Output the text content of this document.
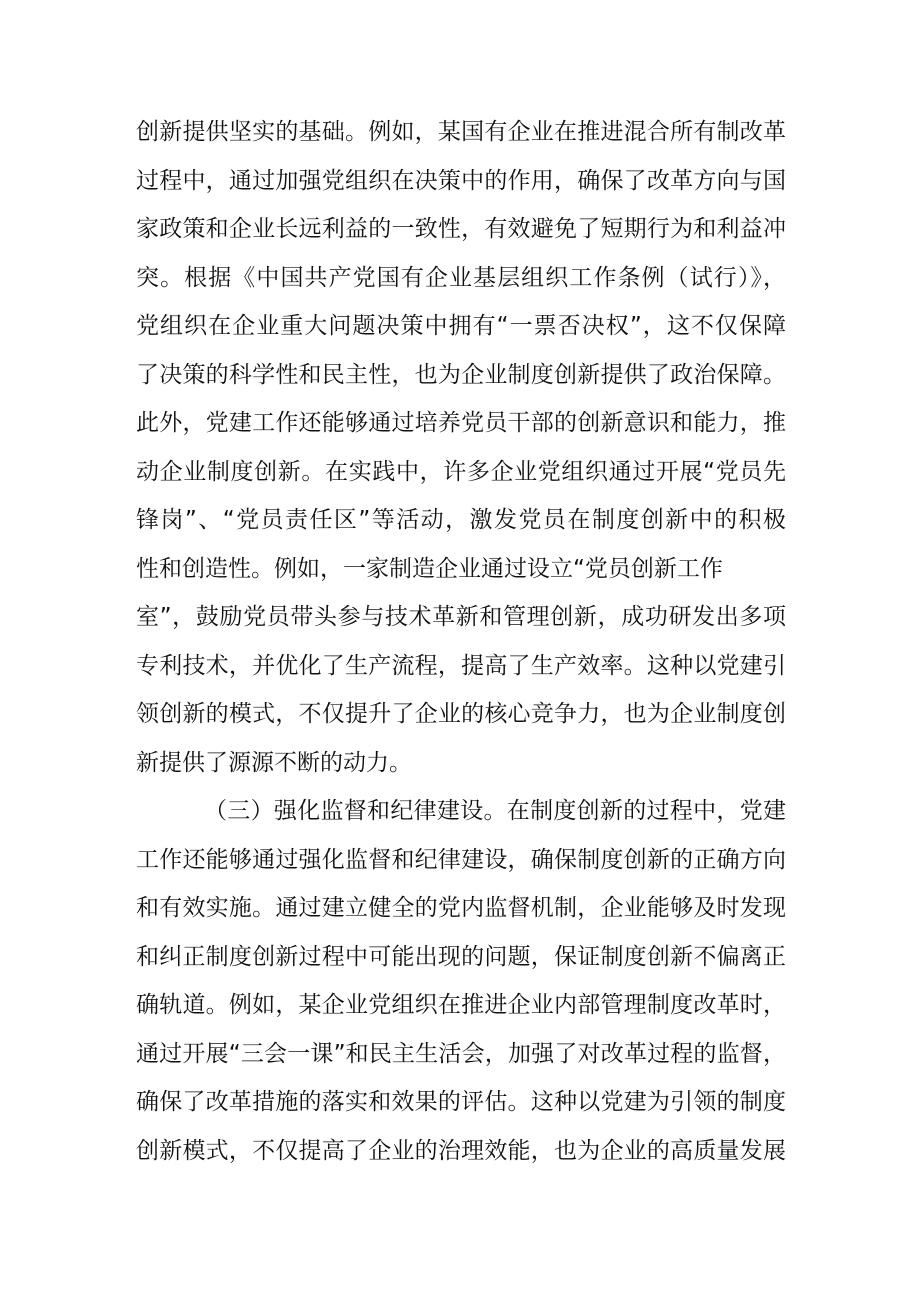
创新提供坚实的基础。例如，某国有企业在推进混合所有制改革
过程中，通过加强党组织在决策中的作用，确保了改革方向与国
家政策和企业长远利益的一致性，有效避免了短期行为和利益冲
突。根据《中国共产党国有企业基层组织工作条例（试行）》，
党组织在企业重大问题决策中拥有“一票否决权”，这不仅保障
了决策的科学性和民主性，也为企业制度创新提供了政治保障。
此外，党建工作还能够通过培养党员干部的创新意识和能力，推
动企业制度创新。在实践中，许多企业党组织通过开展“党员先
锋岗”、“党员责任区”等活动，激发党员在制度创新中的积极
性和创造性。例如，一家制造企业通过设立“党员创新工作
室”，鼓励党员带头参与技术革新和管理创新，成功研发出多项
专利技术，并优化了生产流程，提高了生产效率。这种以党建引
领创新的模式，不仅提升了企业的核心竞争力，也为企业制度创
新提供了源源不断的动力。
（三）强化监督和纪律建设。在制度创新的过程中，党建
工作还能够通过强化监督和纪律建设，确保制度创新的正确方向
和有效实施。通过建立健全的党内监督机制，企业能够及时发现
和纠正制度创新过程中可能出现的问题，保证制度创新不偏离正
确轨道。例如，某企业党组织在推进企业内部管理制度改革时，
通过开展“三会一课”和民主生活会，加强了对改革过程的监督，
确保了改革措施的落实和效果的评估。这种以党建为引领的制度
创新模式，不仅提高了企业的治理效能，也为企业的高质量发展
